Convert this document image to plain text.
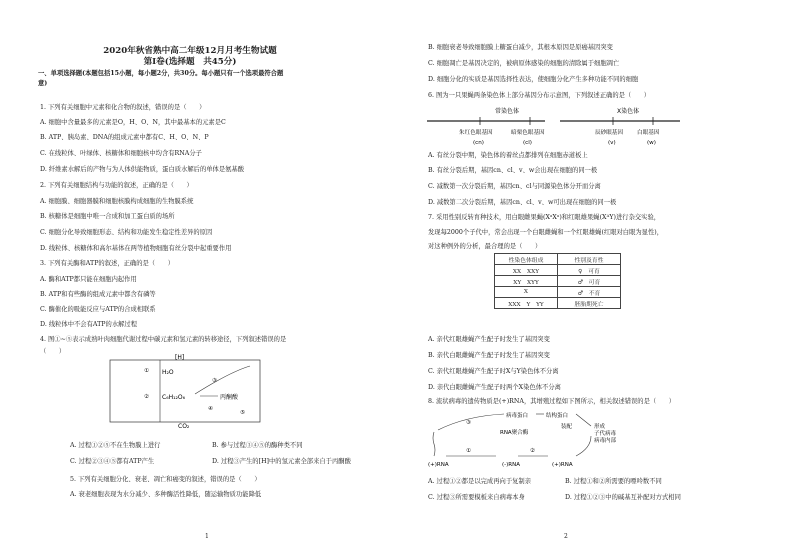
2020年秋省熟中高二年级12月月考生物试题
第Ⅰ卷(选择题　共45分)
一、单项选择题(本题包括15小题，每小题2分，共30分。每小题只有一个选项最符合题
意)
1. 下列有关细胞中元素和化合物的叙述，错误的是（　　）
A. 细胞中含量最多的元素是O，H、O、N，其中最基本的元素是C
B. ATP、胰岛素、DNA的组成元素中都有C、H、O、N、P
C. 在线粒体、叶绿体、核糖体和细胞核中均含有RNA分子
D. 纤维素水解后的产物与为人体供能物质，蛋白质水解后的单体是氨基酸
2. 下列有关细胞结构与功能的叙述，正确的是（　　）
A. 细胞膜、细胞器膜和细胞核膜构成细胞的生物膜系统
B. 核糖体是细胞中唯一合成和加工蛋白质的场所
C. 细胞分化导致细胞形态、结构和功能发生稳定性差异的原因
D. 线粒体、核糖体和高尔基体在两等植物细胞有丝分裂中起重要作用
3. 下列有关酶和ATP的叙述，正确的是（　　）
A. 酶和ATP都只能在细胞内起作用
B. ATP和有些酶的组成元素中都含有磷等
C. 酶催化的吸能反应与ATP的合成相联系
D. 线粒体中不会有ATP的水解过程
4. 图①~⑤表示成熟叶肉细胞代谢过程中碳元素和氢元素的转移途径，下列叙述错误的是
（　　）
[H]
H₂O
C₆H₁₂O₆	丙酮酸
CO₂
①
②
③
④
⑤
A. 过程①②⑤不在生物膜上进行	B. 参与过程③④⑤的酶种类不同
C. 过程②③④⑤都有ATP产生	D. 过程③产生的[H]中的氢元素全部来自于丙酮酸
5. 下列有关细胞分化、衰老、凋亡和癌变的叙述，错误的是（　　）
A. 衰老细胞表现为水分减少、多种酶活性降低，随运输物质功能降低
1
B. 细胞衰老导致细胞膜上糖蛋白减少，其根本原因是原癌基因突变
C. 细胞凋亡是基因决定的，被病原体感染的细胞的清除属于细胞凋亡
D. 细胞分化的实质是基因选择性表达，使细胞分化产生多种功能不同的细胞
6. 图为一只果蝇两条染色体上部分基因分布示意图，下列叙述正确的是（　　）
常染色体	X染色体
朱红色眼基因	暗栗色眼基因	辰砂眼基因	白眼基因
(cn)	(cl)	(v)	(w)
A. 有丝分裂中期，染色体的着丝点都排列在细胞赤道板上
B. 有丝分裂后期，基因cn、cl、v、w会出现在细胞的同一极
C. 减数第一次分裂后期，基因cn、cl与同源染色体分开而分离
D. 减数第二次分裂后期，基因cn、cl、v、w可出现在细胞的同一极
7. 采用性别反转育种技术，用白眼雌果蝇(XᵃXᵃ)和红眼雄果蝇(XᴬY)进行杂交实验，
发现每2000个子代中，常会出现一个白眼雌蝇和一个红眼雄蝇(红眼对白眼为显性)，
对这种例外的分析，最合理的是（　　）
性染色体组成	性别及育性
XX　XXY	♀　可育
XY　XYY	♂　可育
X	♂　不育
XXX　Y　YY	胚胎期死亡
A. 亲代红眼雄蝇产生配子时发生了基因突变
B. 亲代白眼雌蝇产生配子时发生了基因突变
C. 亲代红眼雄蝇产生配子时X与Y染色体不分离
D. 亲代白眼雌蝇产生配子时两个X染色体不分离
8. 流状病毒的遗传物质是(+)RNA，其增殖过程如下图所示，相关叙述错误的是（　　）
病毒蛋白	结构蛋白
RNA聚合酶
(+)RNA	(-)RNA	(+)RNA
子代病毒
病毒内部
形成
装配
①	②
③
A. 过程①②都是以完成再向于复制亲	B. 过程①和②所需要的嘌呤数不同
C. 过程③所需要模板来自病毒本身	D. 过程①②③中的碱基互补配对方式相同
2
